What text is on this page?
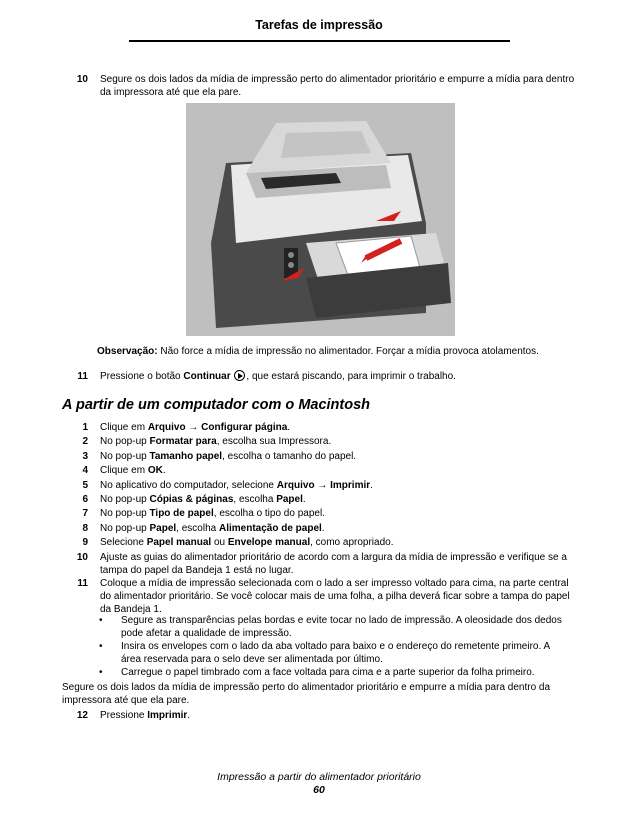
Tarefas de impressão
10	Segure os dois lados da mídia de impressão perto do alimentador prioritário e empurre a mídia para dentro da impressora até que ela pare.
Observação: Não force a mídia de impressão no alimentador. Forçar a mídia provoca atolamentos.
11	Pressione o botão Continuar , que estará piscando, para imprimir o trabalho.
A partir de um computador com o Macintosh
1	Clique em Arquivo → Configurar página.
2	No pop-up Formatar para, escolha sua Impressora.
3	No pop-up Tamanho papel, escolha o tamanho do papel.
4	Clique em OK.
5	No aplicativo do computador, selecione Arquivo → Imprimir.
6	No pop-up Cópias & páginas, escolha Papel.
7	No pop-up Tipo de papel, escolha o tipo do papel.
8	No pop-up Papel, escolha Alimentação de papel.
9	Selecione Papel manual ou Envelope manual, como apropriado.
10	Ajuste as guias do alimentador prioritário de acordo com a largura da mídia de impressão e verifique se a tampa do papel da Bandeja 1 está no lugar.
11	Coloque a mídia de impressão selecionada com o lado a ser impresso voltado para cima, na parte central do alimentador prioritário. Se você colocar mais de uma folha, a pilha deverá ficar sobre a tampa do papel da Bandeja 1.
•	Segure as transparências pelas bordas e evite tocar no lado de impressão. A oleosidade dos dedos pode afetar a qualidade de impressão.
•	Insira os envelopes com o lado da aba voltado para baixo e o endereço do remetente primeiro. A área reservada para o selo deve ser alimentada por último.
•	Carregue o papel timbrado com a face voltada para cima e a parte superior da folha primeiro.
Segure os dois lados da mídia de impressão perto do alimentador prioritário e empurre a mídia para dentro da impressora até que ela pare.
12	Pressione Imprimir.
Impressão a partir do alimentador prioritário
60
